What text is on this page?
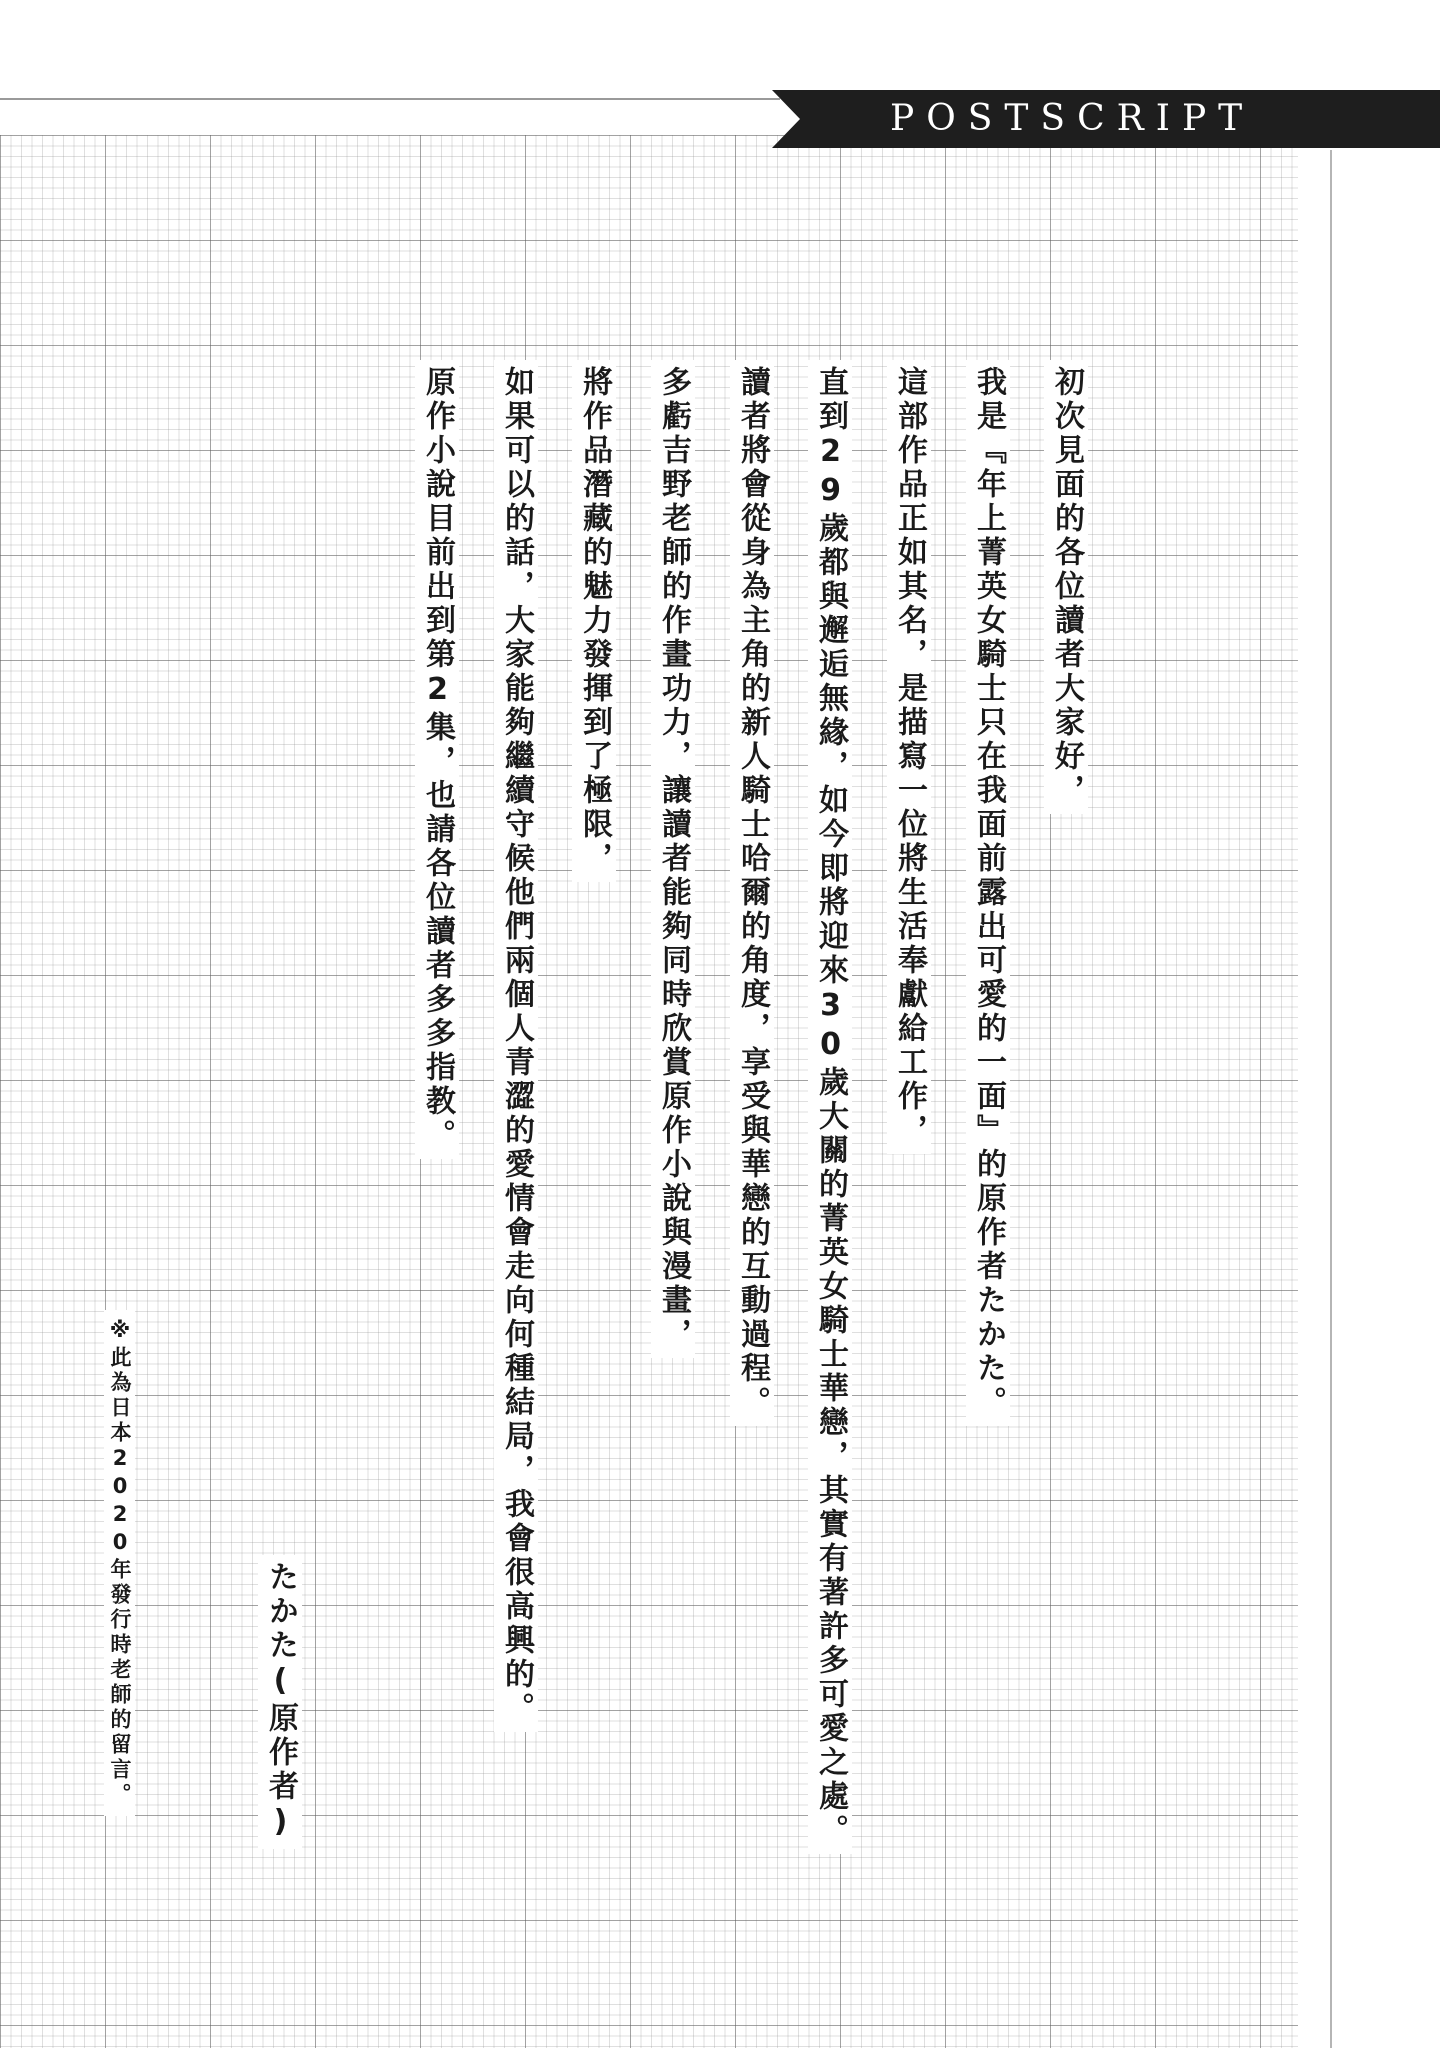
POSTSCRIPT
初次見面的各位讀者大家好，
我是『年上菁英女騎士只在我面前露出可愛的一面』的原作者たかた。
這部作品正如其名，是描寫一位將生活奉獻給工作，
直到29歲都與邂逅無緣，如今即將迎來30歲大關的菁英女騎士華戀，其實有著許多可愛之處。
讀者將會從身為主角的新人騎士哈爾的角度，享受與華戀的互動過程。
多虧吉野老師的作畫功力，讓讀者能夠同時欣賞原作小說與漫畫，
將作品潛藏的魅力發揮到了極限，
如果可以的話，大家能夠繼續守候他們兩個人青澀的愛情會走向何種結局，我會很高興的。
原作小說目前出到第2集，也請各位讀者多多指教。
たかた(原作者)
※此為日本2020年發行時老師的留言。
